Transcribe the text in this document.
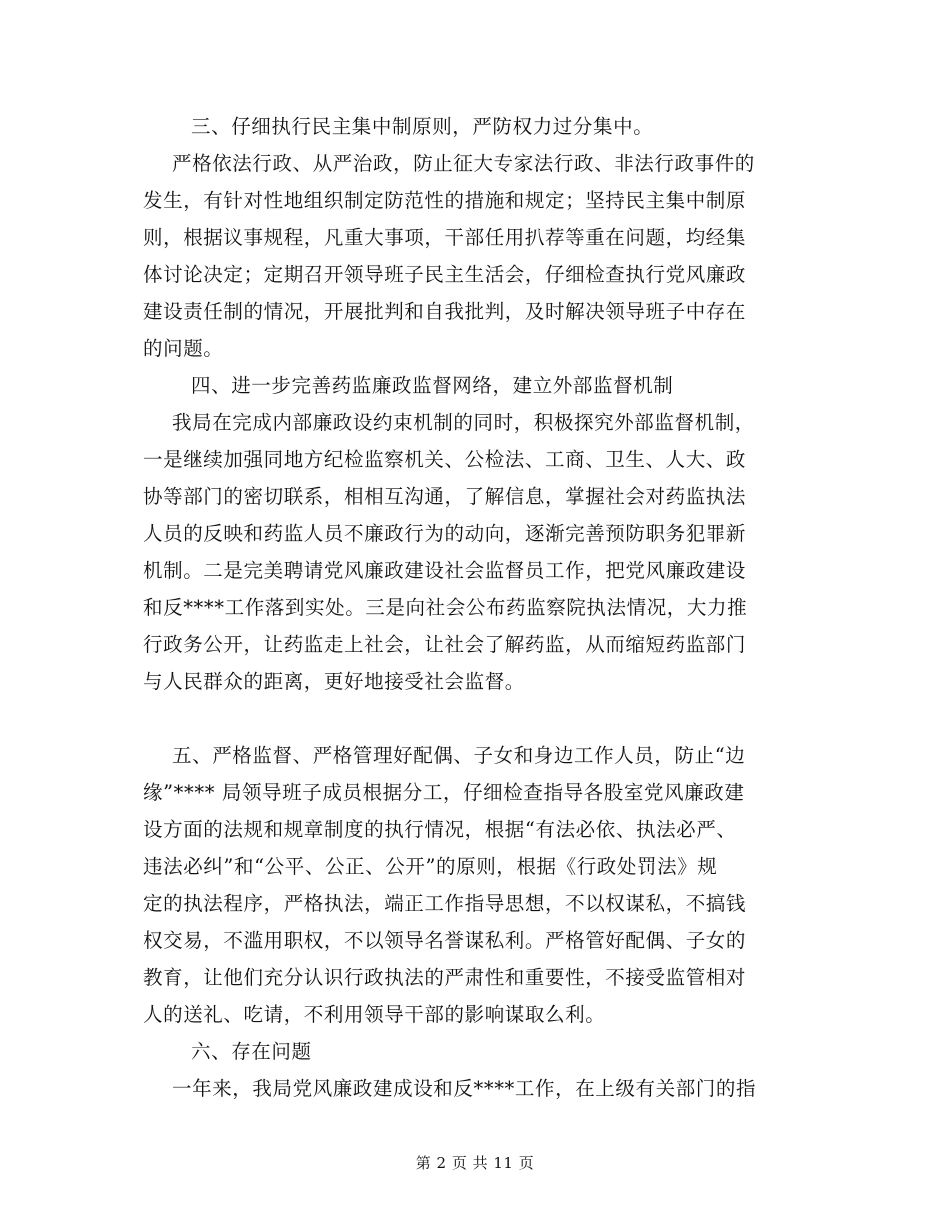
三、仔细执行民主集中制原则，严防权力过分集中。
严格依法行政、从严治政，防止征大专家法行政、非法行政事件的
发生，有针对性地组织制定防范性的措施和规定；坚持民主集中制原
则，根据议事规程，凡重大事项，干部任用扒荐等重在问题，均经集
体讨论决定；定期召开领导班子民主生活会，仔细检查执行党风廉政
建设责任制的情况，开展批判和自我批判，及时解决领导班子中存在
的问题。
四、进一步完善药监廉政监督网络，建立外部监督机制
我局在完成内部廉政设约束机制的同时，积极探究外部监督机制，
一是继续加强同地方纪检监察机关、公检法、工商、卫生、人大、政
协等部门的密切联系，相相互沟通，了解信息，掌握社会对药监执法
人员的反映和药监人员不廉政行为的动向，逐渐完善预防职务犯罪新
机制。二是完美聘请党风廉政建设社会监督员工作，把党风廉政建设
和反****工作落到实处。三是向社会公布药监察院执法情况，大力推
行政务公开，让药监走上社会，让社会了解药监，从而缩短药监部门
与人民群众的距离，更好地接受社会监督。
五、严格监督、严格管理好配偶、子女和身边工作人员，防止“边
缘”**** 局领导班子成员根据分工，仔细检查指导各股室党风廉政建
设方面的法规和规章制度的执行情况，根据“有法必依、执法必严、
违法必纠”和“公平、公正、公开”的原则，根据《行政处罚法》规
定的执法程序，严格执法，端正工作指导思想，不以权谋私，不搞钱
权交易，不滥用职权，不以领导名誉谋私利。严格管好配偶、子女的
教育，让他们充分认识行政执法的严肃性和重要性，不接受监管相对
人的送礼、吃请，不利用领导干部的影响谋取么利。
六、存在问题
一年来，我局党风廉政建成设和反****工作，在上级有关部门的指
第 2 页 共 11 页
